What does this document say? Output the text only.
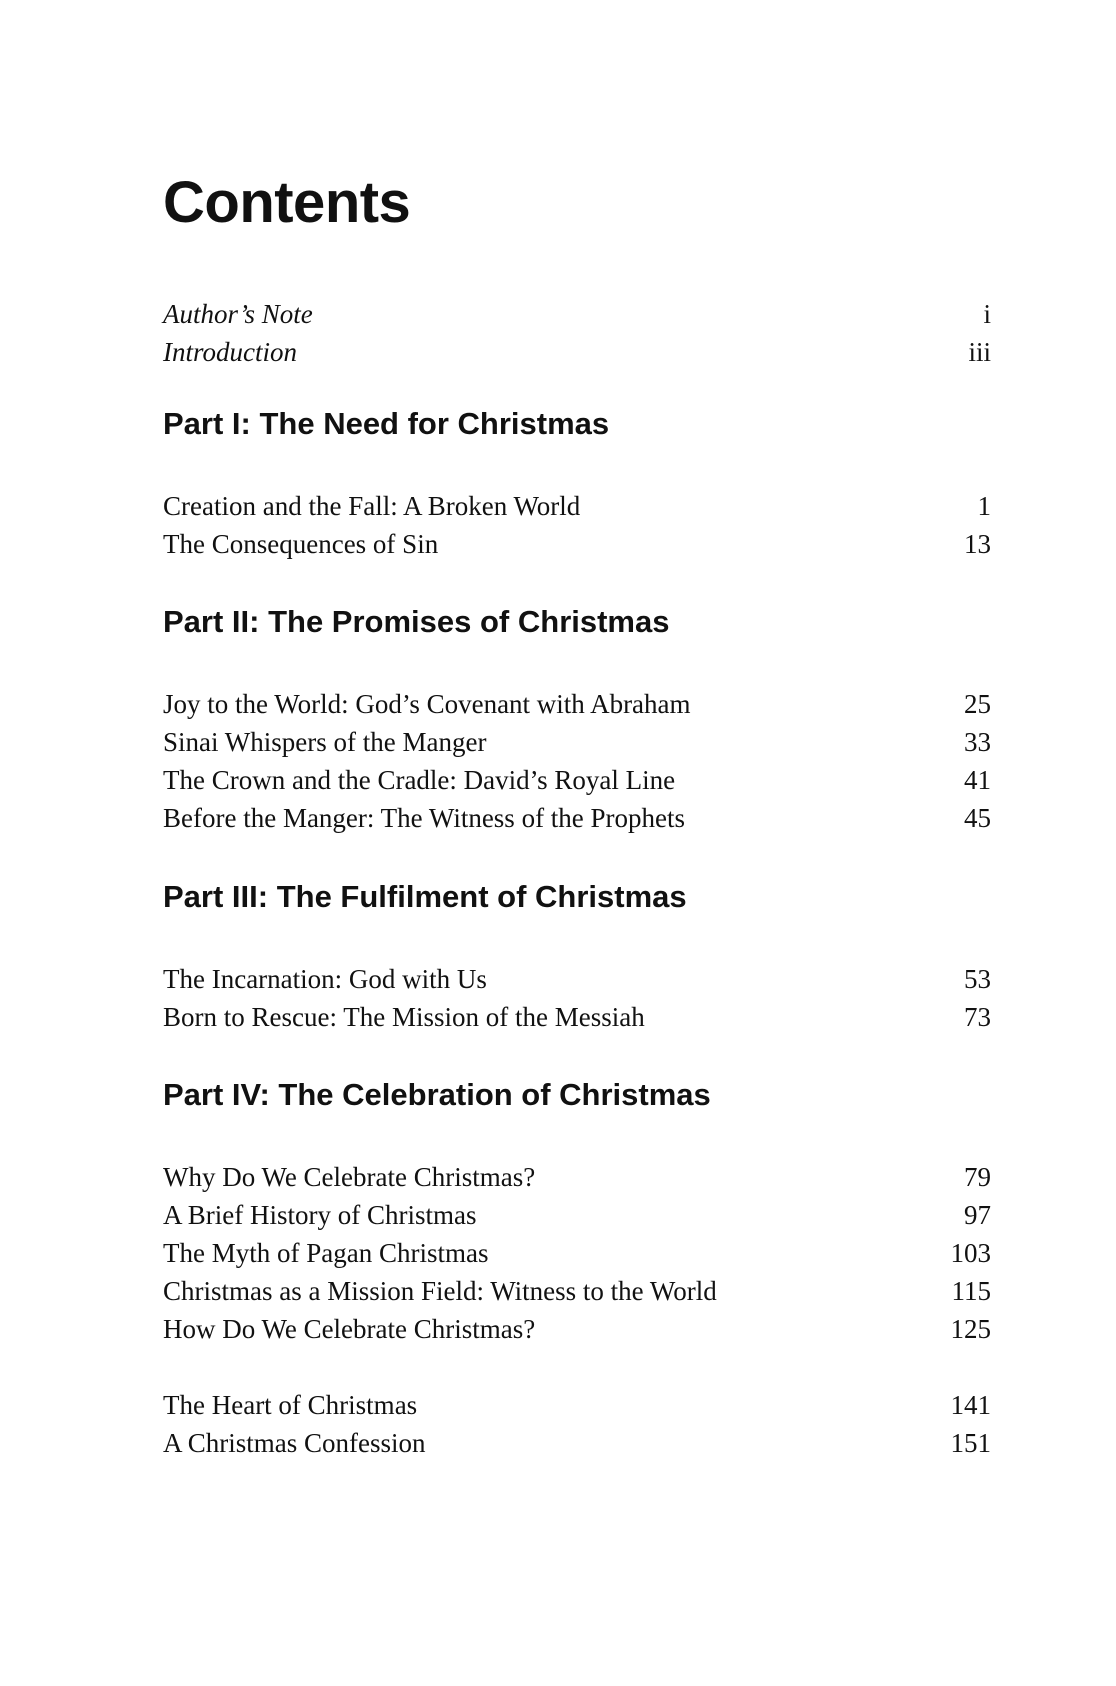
Contents
Author’s Note	i
Introduction	iii
Part I: The Need for Christmas
Creation and the Fall: A Broken World	1
The Consequences of Sin	13
Part II: The Promises of Christmas
Joy to the World: God’s Covenant with Abraham	25
Sinai Whispers of the Manger	33
The Crown and the Cradle: David’s Royal Line	41
Before the Manger: The Witness of the Prophets	45
Part III: The Fulfilment of Christmas
The Incarnation: God with Us	53
Born to Rescue: The Mission of the Messiah	73
Part IV: The Celebration of Christmas
Why Do We Celebrate Christmas?	79
A Brief History of Christmas	97
The Myth of Pagan Christmas	103
Christmas as a Mission Field: Witness to the World	115
How Do We Celebrate Christmas?	125
The Heart of Christmas	141
A Christmas Confession	151
